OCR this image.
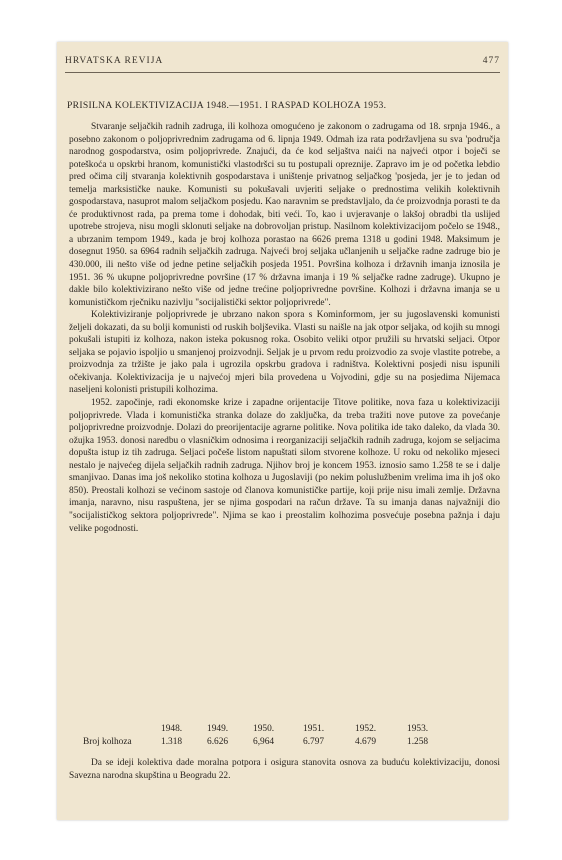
HRVATSKA REVIJA	477
PRISILNA KOLEKTIVIZACIJA 1948.—1951. I RASPAD KOLHOZA 1953.

Stvaranje seljačkih radnih zadruga, ili kolhoza omogućeno je zakonom o zadrugama od 18. srpnja 1946., a posebno zakonom o poljoprivrednim zadrugama od 6. lipnja 1949. Odmah iza rata podržavljena su sva 'područja narodnog gospodarstva, osim poljoprivrede. Znajući, da će kod seljaštva naići na najveći otpor i boječi se poteškoća u opskrbi hranom, komunistički vlastodršci su tu postupali opreznije. Zapravo im je od početka lebdio pred očima cilj stvaranja kolektivnih gospodarstava i uništenje privatnog seljačkog 'posjeda, jer je to jedan od temelja marksističke nauke. Komunisti su pokušavali uvjeriti seljake o prednostima velikih kolektivnih gospodarstava, nasuprot malom seljačkom posjedu. Kao naravnim se predstavljalo, da će proizvodnja porasti te da će produktivnost rada, pa prema tome i dohodak, biti veći. To, kao i uvjeravanje o lakšoj obradbi tla uslijed upotrebe strojeva, nisu mogli sklonuti seljake na dobrovoljan pristup. Nasilnom kolektivizacijom počelo se 1948., a ubrzanim tempom 1949., kada je broj kolhoza porastao na 6626 prema 1318 u godini 1948. Maksimum je dosegnut 1950. sa 6964 radnih seljačkih zadruga. Najveći broj seljaka učlanjenih u seljačke radne zadruge bio je 430.000, ili nešto više od jedne petine seljačkih posjeda 1951. Površina kolhoza i državnih imanja iznosila je 1951. 36 % ukupne poljoprivredne površine (17 % državna imanja i 19 % seljačke radne zadruge). Ukupno je dakle bilo kolektivizirano nešto više od jedne trećine poljoprivredne površine. Kolhozi i državna imanja se u komunističkom rječniku nazivlju "socijalistički sektor poljoprivrede".

Kolektiviziranje poljoprivrede je ubrzano nakon spora s Kominformom, jer su jugoslavenski komunisti željeli dokazati, da su bolji komunisti od ruskih boljševika. Vlasti su naišle na jak otpor seljaka, od kojih su mnogi pokušali istupiti iz kolhoza, nakon isteka pokusnog roka. Osobito veliki otpor pružili su hrvatski seljaci. Otpor seljaka se pojavio ispoljio u smanjenoj proizvodnji. Seljak je u prvom redu proizvodio za svoje vlastite potrebe, a proizvodnja za tržište je jako pala i ugrozila opskrbu gradova i radništva. Kolektivni posjedi nisu ispunili očekivanja. Kolektivizacija je u najvećoj mjeri bila provedena u Vojvodini, gdje su na posjedima Nijemaca naseljeni kolonisti pristupili kolhozima.

1952. započinje, radi ekonomske krize i zapadne orijentacije Titove politike, nova faza u kolektivizaciji poljoprivrede. Vlada i komunistička stranka dolaze do zaključka, da treba tražiti nove putove za povećanje poljoprivredne proizvodnje. Dolazi do preorijentacije agrarne politike. Nova politika ide tako daleko, da vlada 30. ožujka 1953. donosi naredbu o vlasničkim odnosima i reorganizaciji seljačkih radnih zadruga, kojom se seljacima dopušta istup iz tih zadruga. Seljaci počeše listom napuštati silom stvorene kolhoze. U roku od nekoliko mjeseci nestalo je najvećeg dijela seljačkih radnih zadruga. Njihov broj je koncem 1953. iznosio samo 1.258 te se i dalje smanjivao. Danas ima još nekoliko stotina kolhoza u Jugoslaviji (po nekim poluslužbenim vrelima ima ih još oko 850). Preostali kolhozi se većinom sastoje od članova komunističke partije, koji prije nisu imali zemlje. Državna imanja, naravno, nisu raspuštena, jer se njima gospodari na račun države. Ta su imanja danas najvažniji dio "socijalističkog sektora poljoprivrede". Njima se kao i preostalim kolhozima posvećuje posebna pažnja i daju velike pogodnosti.

	1948.	1949.	1950.	1951.	1952.	1953.
Broj kolhoza	1.318	6.626	6,964	6.797	4.679	1.258

Da se ideji kolektiva dade moralna potpora i osigura stanovita osnova za buduću kolektivizaciju, donosi Savezna narodna skupština u Beogradu 22.
